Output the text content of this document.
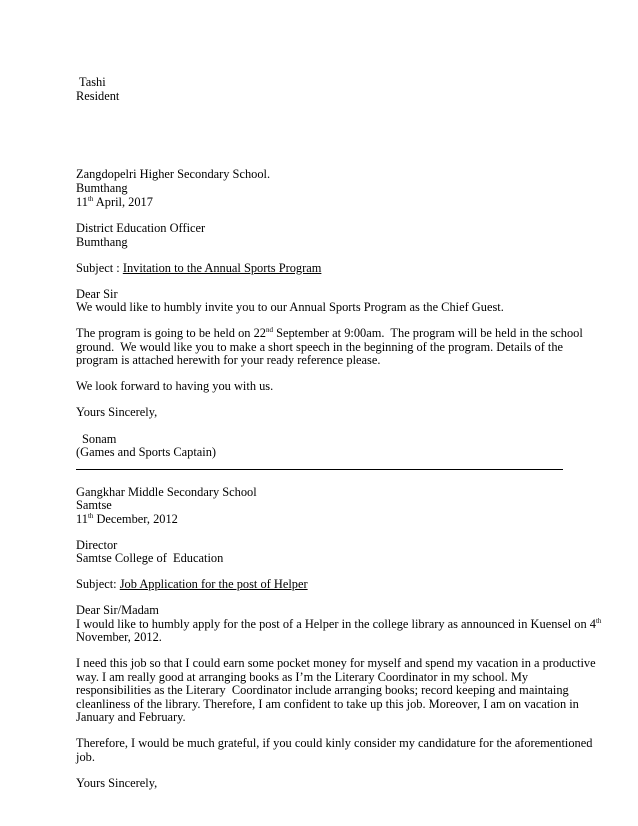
Tashi
Resident
Zangdopelri Higher Secondary School.
Bumthang
11th April, 2017
District Education Officer
Bumthang
Subject : Invitation to the Annual Sports Program
Dear Sir
We would like to humbly invite you to our Annual Sports Program as the Chief Guest.
The program is going to be held on 22nd September at 9:00am.  The program will be held in the school
ground.  We would like you to make a short speech in the beginning of the program. Details of the
program is attached herewith for your ready reference please.
We look forward to having you with us.
Yours Sincerely,
Sonam
(Games and Sports Captain)
Gangkhar Middle Secondary School
Samtse
11th December, 2012
Director
Samtse College of  Education
Subject: Job Application for the post of Helper
Dear Sir/Madam
I would like to humbly apply for the post of a Helper in the college library as announced in Kuensel on 4th
November, 2012.
I need this job so that I could earn some pocket money for myself and spend my vacation in a productive
way. I am really good at arranging books as I’m the Literary Coordinator in my school. My
responsibilities as the Literary  Coordinator include arranging books; record keeping and maintaing
cleanliness of the library. Therefore, I am confident to take up this job. Moreover, I am on vacation in
January and February.
Therefore, I would be much grateful, if you could kinly consider my candidature for the aforementioned
job.
Yours Sincerely,
